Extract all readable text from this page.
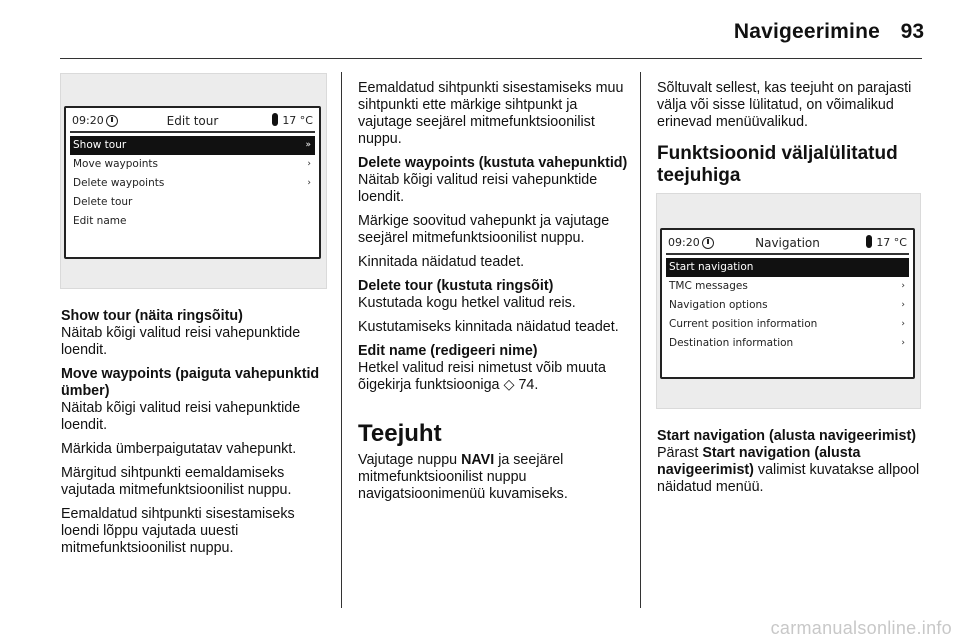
Navigeerimine 93
09:20	Edit tour	17 °C
Show tour	»
Move waypoints	›
Delete waypoints	›
Delete tour
Edit name

Show tour (näita ringsõitu)

Näitab kõigi valitud reisi vahepunktide loendit.

Move waypoints (paiguta vahepunktid ümber)

Näitab kõigi valitud reisi vahepunktide loendit.

Märkida ümberpaigutatav vahepunkt.

Märgitud sihtpunkti eemaldamiseks vajutada mitmefunktsioonilist nuppu.

Eemaldatud sihtpunkti sisestamiseks loendi lõppu vajutada uuesti mitmefunktsioonilist nuppu.

Eemaldatud sihtpunkti sisestamiseks muu sihtpunkti ette märkige sihtpunkt ja vajutage seejärel mitmefunktsioonilist nuppu.

Delete waypoints (kustuta vahepunktid)

Näitab kõigi valitud reisi vahepunktide loendit.

Märkige soovitud vahepunkt ja vajutage seejärel mitmefunktsioonilist nuppu.

Kinnitada näidatud teadet.

Delete tour (kustuta ringsõit)

Kustutada kogu hetkel valitud reis.

Kustutamiseks kinnitada näidatud teadet.

Edit name (redigeeri nime)

Hetkel valitud reisi nimetust võib muuta õigekirja funktsiooniga ◇ 74.

Teejuht

Vajutage nuppu NAVI ja seejärel mitmefunktsioonilist nuppu navigatsioonimenüü kuvamiseks.

Sõltuvalt sellest, kas teejuht on parajasti välja või sisse lülitatud, on võimalikud erinevad menüüvalikud.

Funktsioonid väljalülitatud teejuhiga
09:20	Navigation	17 °C
Start navigation
TMC messages	›
Navigation options	›
Current position information	›
Destination information	›

Start navigation (alusta navigeerimist)

Pärast Start navigation (alusta navigeerimist) valimist kuvatakse allpool näidatud menüü.

carmanualsonline.info
